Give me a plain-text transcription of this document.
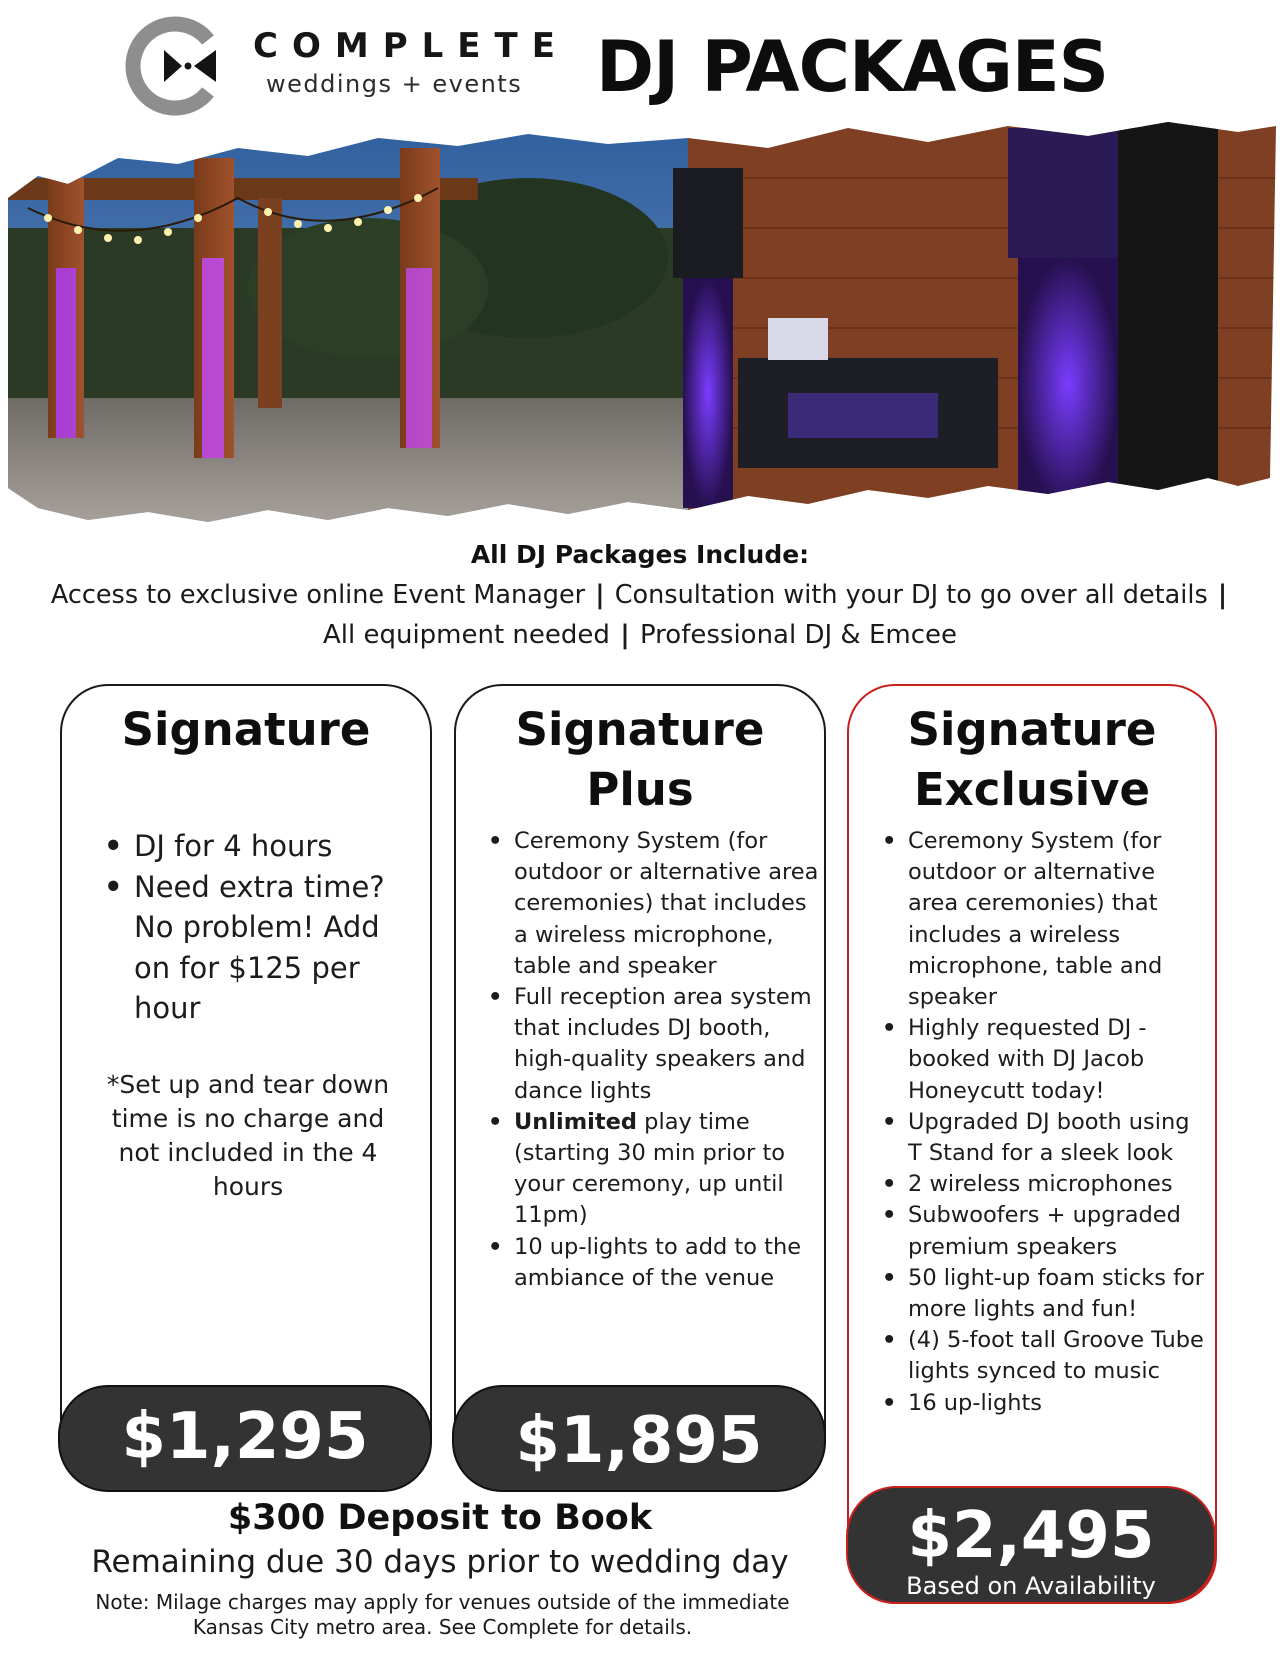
COMPLETE
weddings + events DJ PACKAGES
All DJ Packages Include:
Access to exclusive online Event Manager | Consultation with your DJ to go over all details |
All equipment needed | Professional DJ & Emcee
Signature
• DJ for 4 hours
• Need extra time? No problem! Add on for $125 per hour
*Set up and tear down time is no charge and not included in the 4 hours
$1,295
Signature
Plus
• Ceremony System (for outdoor or alternative area ceremonies) that includes a wireless microphone, table and speaker
• Full reception area system that includes DJ booth, high-quality speakers and dance lights
• Unlimited play time (starting 30 min prior to your ceremony, up until 11pm)
• 10 up-lights to add to the ambiance of the venue
$1,895
Signature
Exclusive
• Ceremony System (for outdoor or alternative area ceremonies) that includes a wireless microphone, table and speaker
• Highly requested DJ - booked with DJ Jacob Honeycutt today!
• Upgraded DJ booth using T Stand for a sleek look
• 2 wireless microphones
• Subwoofers + upgraded premium speakers
• 50 light-up foam sticks for more lights and fun!
• (4) 5-foot tall Groove Tube lights synced to music
• 16 up-lights
$2,495
Based on Availability
$300 Deposit to Book
Remaining due 30 days prior to wedding day
Note: Milage charges may apply for venues outside of the immediate Kansas City metro area. See Complete for details.
